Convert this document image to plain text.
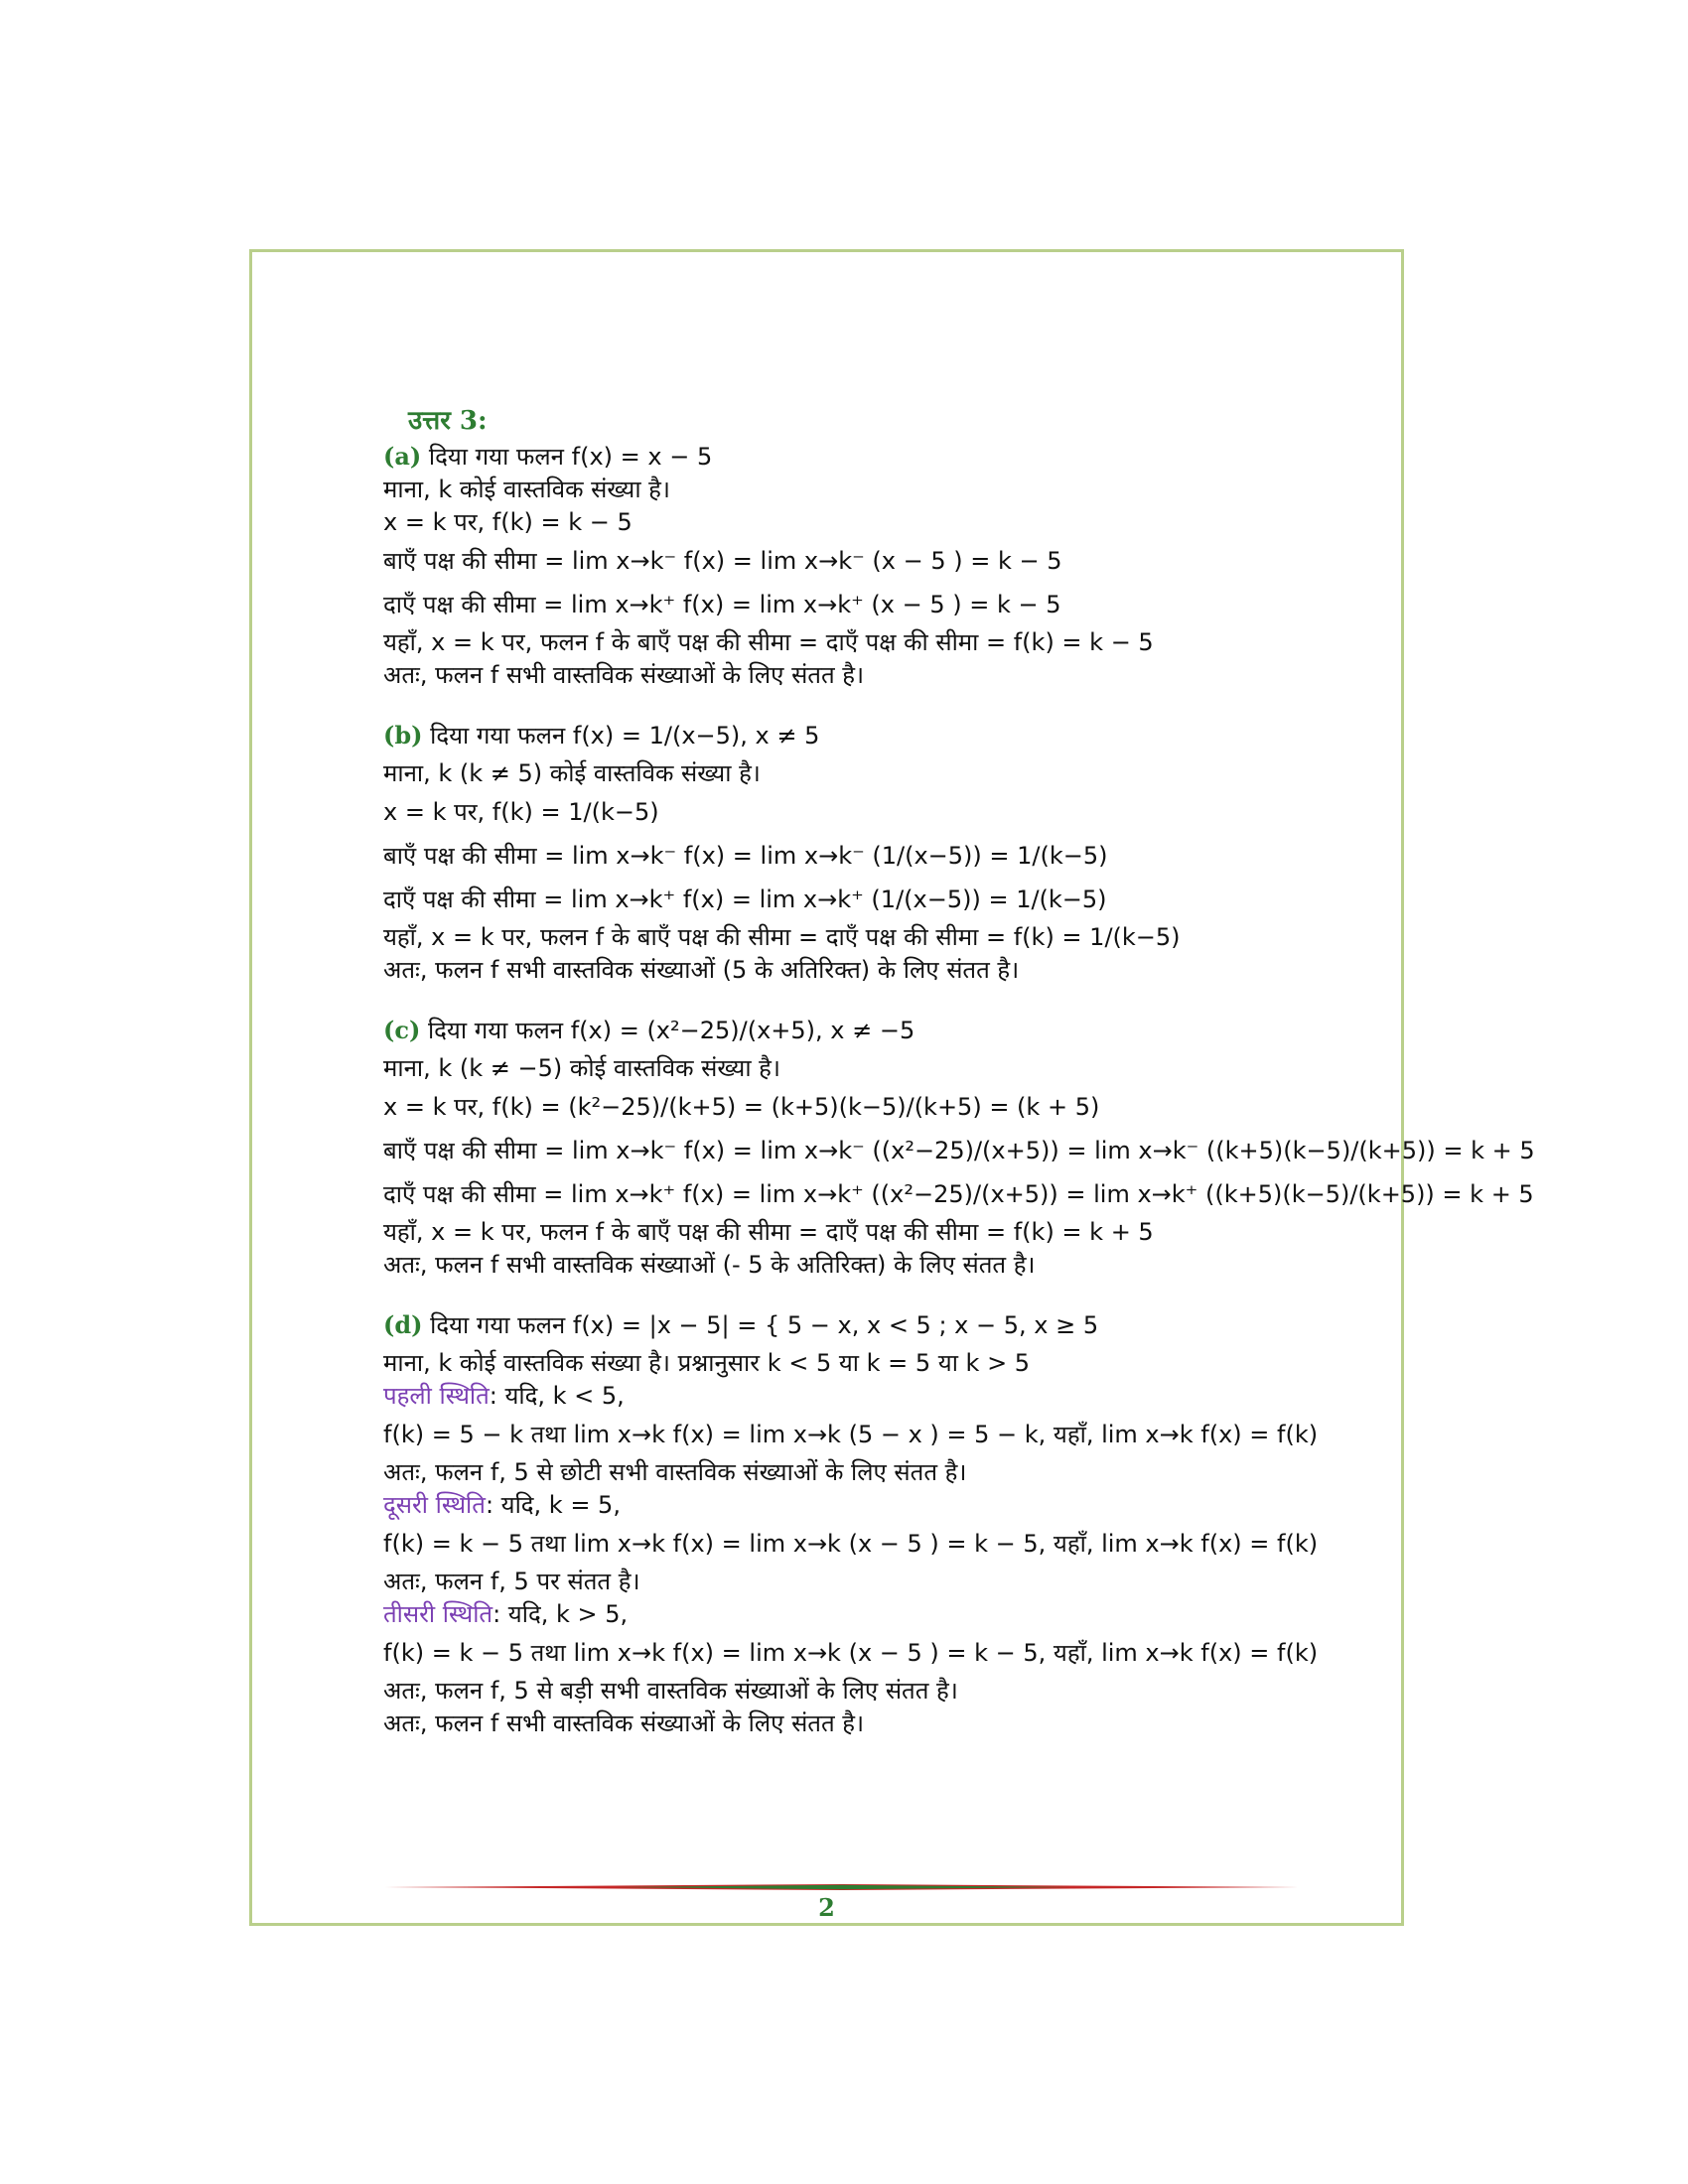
उत्तर 3:
(a) दिया गया फलन f(x) = x − 5
माना, k कोई वास्तविक संख्या है।
x = k पर, f(k) = k − 5
बाएँ पक्ष की सीमा = lim x→k⁻ f(x) = lim x→k⁻ (x − 5 ) = k − 5
दाएँ पक्ष की सीमा = lim x→k⁺ f(x) = lim x→k⁺ (x − 5 ) = k − 5
यहाँ, x = k पर, फलन f के बाएँ पक्ष की सीमा = दाएँ पक्ष की सीमा = f(k) = k − 5
अतः, फलन f सभी वास्तविक संख्याओं के लिए संतत है।
(b) दिया गया फलन f(x) = 1/(x−5), x ≠ 5
माना, k (k ≠ 5) कोई वास्तविक संख्या है।
x = k पर, f(k) = 1/(k−5)
बाएँ पक्ष की सीमा = lim x→k⁻ f(x) = lim x→k⁻ (1/(x−5)) = 1/(k−5)
दाएँ पक्ष की सीमा = lim x→k⁺ f(x) = lim x→k⁺ (1/(x−5)) = 1/(k−5)
यहाँ, x = k पर, फलन f के बाएँ पक्ष की सीमा = दाएँ पक्ष की सीमा = f(k) = 1/(k−5)
अतः, फलन f सभी वास्तविक संख्याओं (5 के अतिरिक्त) के लिए संतत है।
(c) दिया गया फलन f(x) = (x²−25)/(x+5), x ≠ −5
माना, k (k ≠ −5) कोई वास्तविक संख्या है।
x = k पर, f(k) = (k²−25)/(k+5) = (k+5)(k−5)/(k+5) = (k + 5)
बाएँ पक्ष की सीमा = lim x→k⁻ f(x) = lim x→k⁻ ((x²−25)/(x+5)) = lim x→k⁻ ((k+5)(k−5)/(k+5)) = k + 5
दाएँ पक्ष की सीमा = lim x→k⁺ f(x) = lim x→k⁺ ((x²−25)/(x+5)) = lim x→k⁺ ((k+5)(k−5)/(k+5)) = k + 5
यहाँ, x = k पर, फलन f के बाएँ पक्ष की सीमा = दाएँ पक्ष की सीमा = f(k) = k + 5
अतः, फलन f सभी वास्तविक संख्याओं (- 5 के अतिरिक्त) के लिए संतत है।
(d) दिया गया फलन f(x) = |x − 5| = { 5 − x, x < 5 ; x − 5, x ≥ 5
माना, k कोई वास्तविक संख्या है। प्रश्नानुसार k < 5 या k = 5 या k > 5
पहली स्थिति: यदि, k < 5,
f(k) = 5 − k तथा lim x→k f(x) = lim x→k (5 − x ) = 5 − k, यहाँ, lim x→k f(x) = f(k)
अतः, फलन f, 5 से छोटी सभी वास्तविक संख्याओं के लिए संतत है।
दूसरी स्थिति: यदि, k = 5,
f(k) = k − 5 तथा lim x→k f(x) = lim x→k (x − 5 ) = k − 5, यहाँ, lim x→k f(x) = f(k)
अतः, फलन f, 5 पर संतत है।
तीसरी स्थिति: यदि, k > 5,
f(k) = k − 5 तथा lim x→k f(x) = lim x→k (x − 5 ) = k − 5, यहाँ, lim x→k f(x) = f(k)
अतः, फलन f, 5 से बड़ी सभी वास्तविक संख्याओं के लिए संतत है।
अतः, फलन f सभी वास्तविक संख्याओं के लिए संतत है।
2
